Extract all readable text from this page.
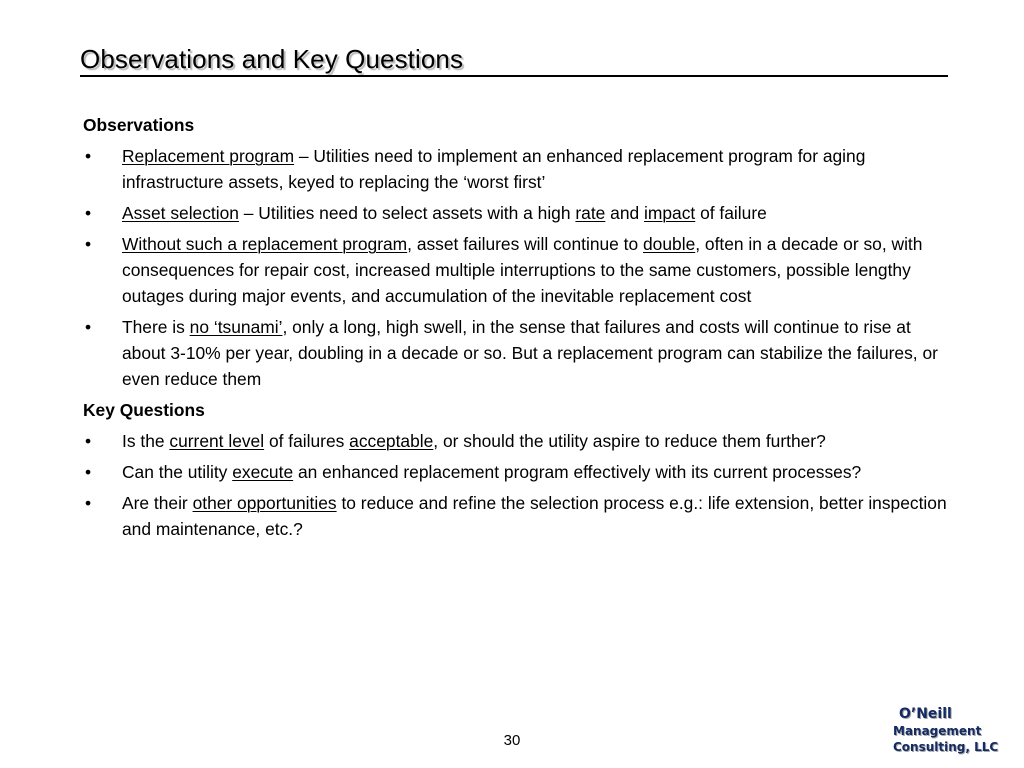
Observations and Key Questions
Observations
• Replacement program – Utilities need to implement an enhanced replacement program for aging infrastructure assets, keyed to replacing the ‘worst first’
• Asset selection – Utilities need to select assets with a high rate and impact of failure
• Without such a replacement program, asset failures will continue to double, often in a decade or so, with consequences for repair cost, increased multiple interruptions to the same customers, possible lengthy outages during major events, and accumulation of the inevitable replacement cost
• There is no ‘tsunami’, only a long, high swell, in the sense that failures and costs will continue to rise at about 3-10% per year, doubling in a decade or so. But a replacement program can stabilize the failures, or even reduce them
Key Questions
• Is the current level of failures acceptable, or should the utility aspire to reduce them further?
• Can the utility execute an enhanced replacement program effectively with its current processes?
• Are their other opportunities to reduce and refine the selection process e.g.: life extension, better inspection and maintenance, etc.?
30
O’Neill
Management
Consulting, LLC
